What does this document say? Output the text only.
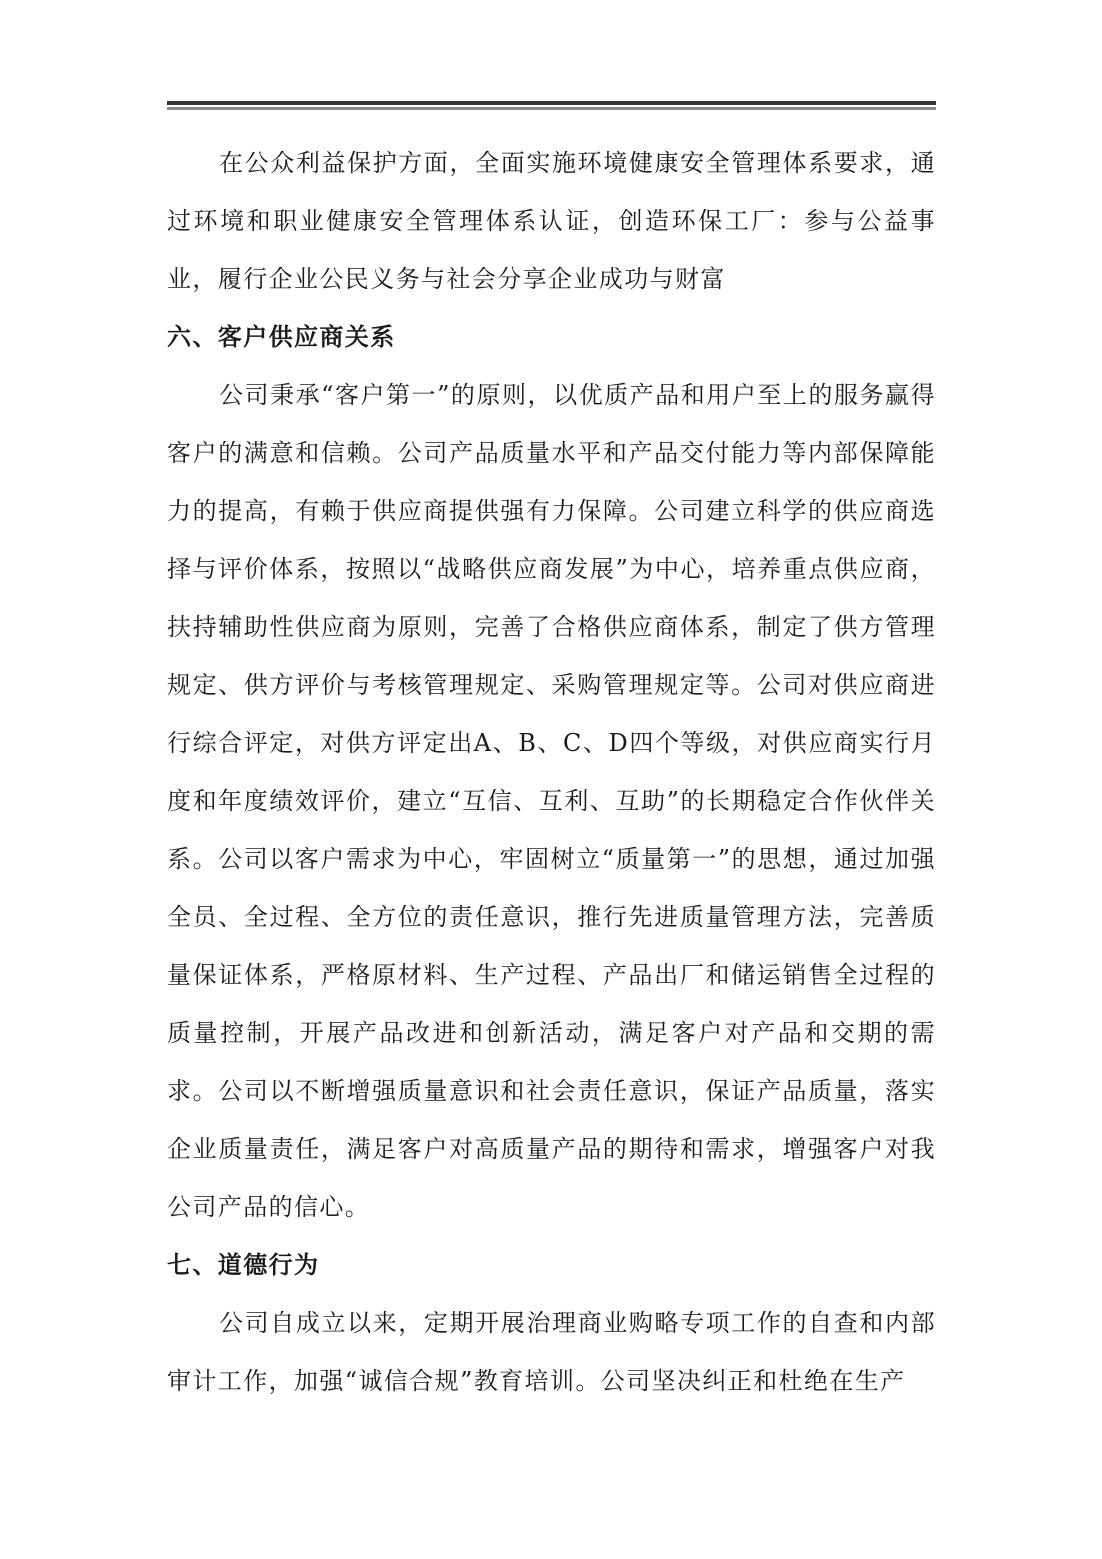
在公众利益保护方面，全面实施环境健康安全管理体系要求，通过环境和职业健康安全管理体系认证，创造环保工厂：参与公益事业，履行企业公民义务与社会分享企业成功与财富

六、客户供应商关系

公司秉承“客户第一”的原则，以优质产品和用户至上的服务赢得客户的满意和信赖。公司产品质量水平和产品交付能力等内部保障能力的提高，有赖于供应商提供强有力保障。公司建立科学的供应商选择与评价体系，按照以“战略供应商发展”为中心，培养重点供应商，扶持辅助性供应商为原则，完善了合格供应商体系，制定了供方管理规定、供方评价与考核管理规定、采购管理规定等。公司对供应商进行综合评定，对供方评定出A、B、C、D四个等级，对供应商实行月度和年度绩效评价，建立“互信、互利、互助”的长期稳定合作伙伴关系。公司以客户需求为中心，牢固树立“质量第一”的思想，通过加强全员、全过程、全方位的责任意识，推行先进质量管理方法，完善质量保证体系，严格原材料、生产过程、产品出厂和储运销售全过程的质量控制，开展产品改进和创新活动，满足客户对产品和交期的需求。公司以不断增强质量意识和社会责任意识，保证产品质量，落实企业质量责任，满足客户对高质量产品的期待和需求，增强客户对我公司产品的信心。

七、道德行为

公司自成立以来，定期开展治理商业购略专项工作的自查和内部审计工作，加强“诚信合规”教育培训。公司坚决纠正和杜绝在生产
